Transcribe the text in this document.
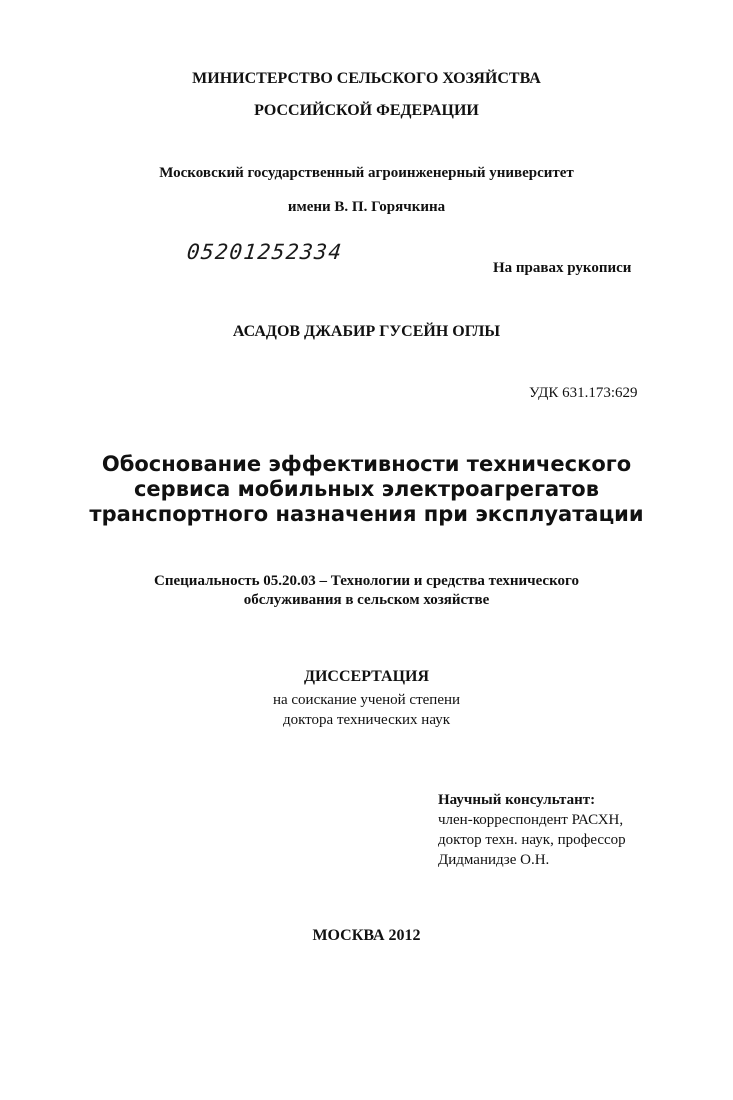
МИНИСТЕРСТВО СЕЛЬСКОГО ХОЗЯЙСТВА
РОССИЙСКОЙ ФЕДЕРАЦИИ
Московский государственный агроинженерный университет
имени В. П. Горячкина
05201252334
На правах рукописи
АСАДОВ ДЖАБИР ГУСЕЙН ОГЛЫ
УДК 631.173:629
Обоснование эффективности технического
сервиса мобильных электроагрегатов
транспортного назначения при эксплуатации
Специальность 05.20.03 – Технологии и средства технического
обслуживания в сельском хозяйстве
ДИССЕРТАЦИЯ
на соискание ученой степени
доктора технических наук
Научный консультант:
член-корреспондент РАСХН,
доктор техн. наук, профессор
Дидманидзе О.Н.
МОСКВА 2012
